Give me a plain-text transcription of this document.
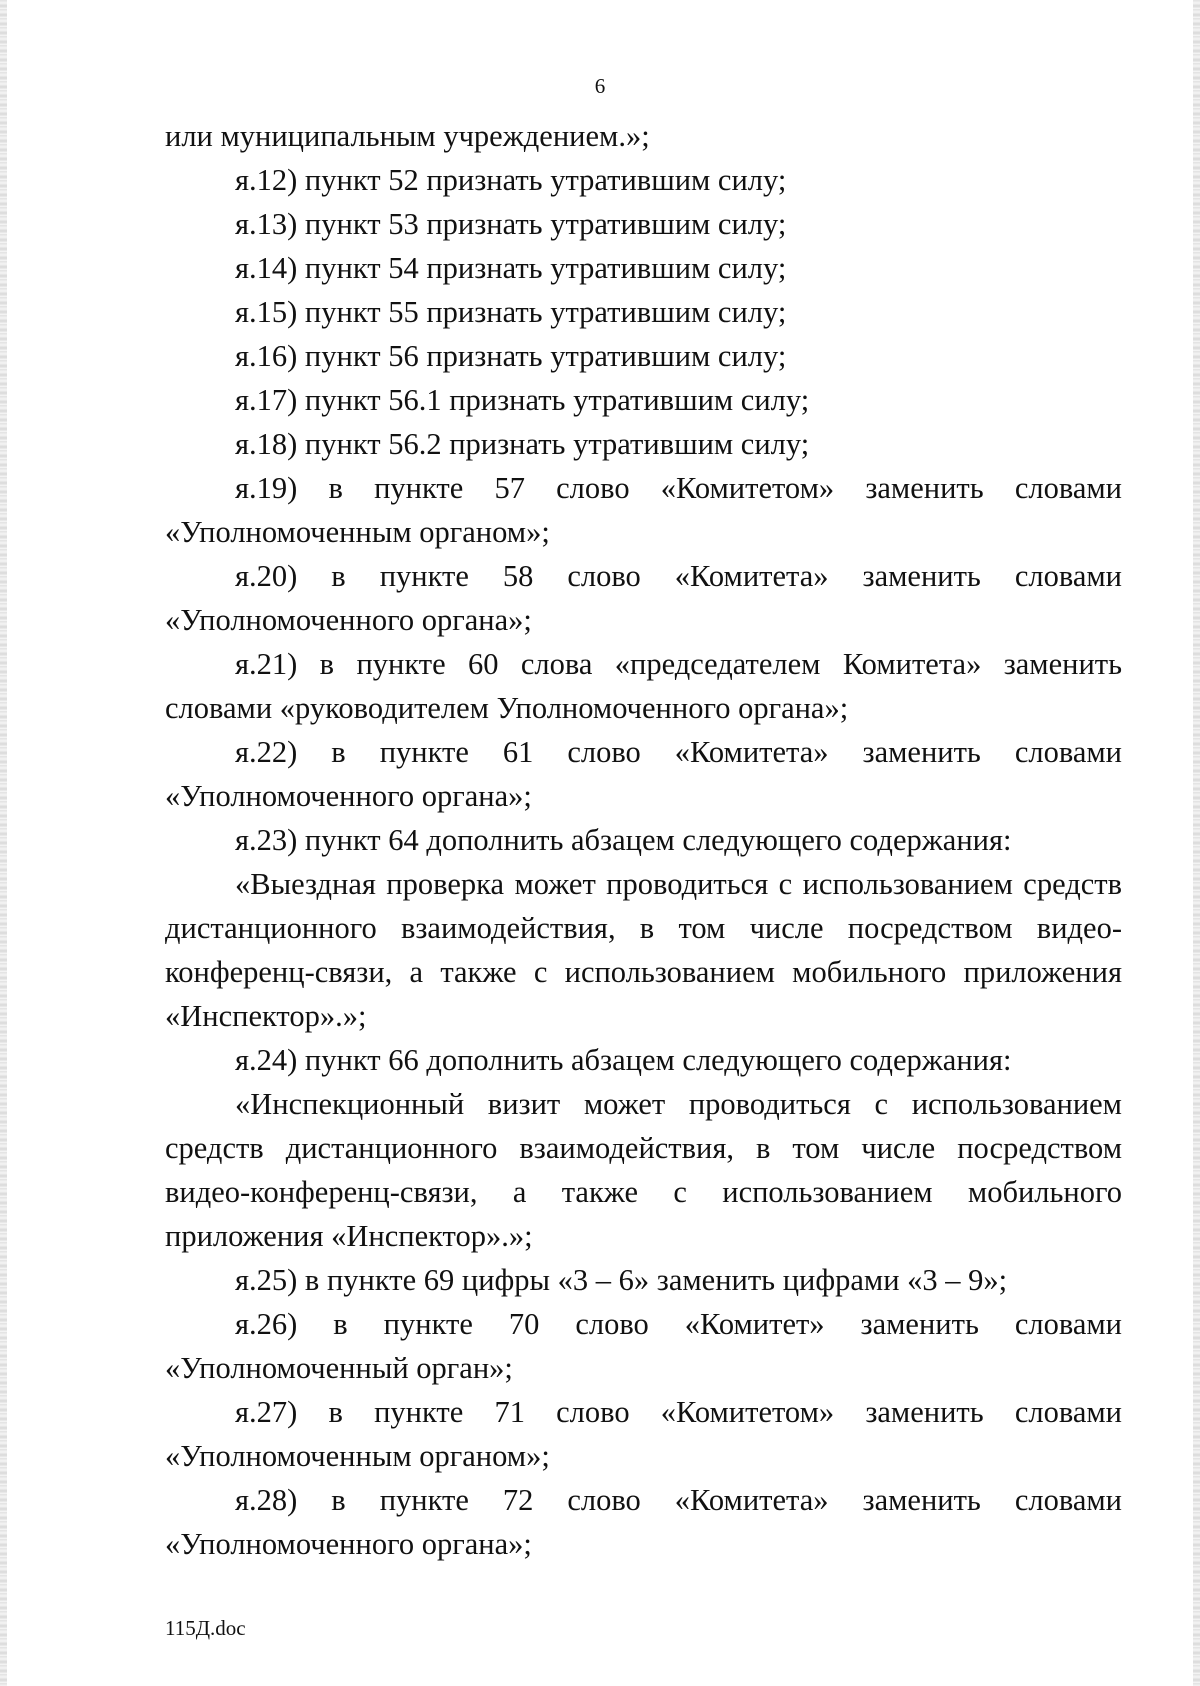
6

или муниципальным учреждением.»;

я.12) пункт 52 признать утратившим силу;

я.13) пункт 53 признать утратившим силу;

я.14) пункт 54 признать утратившим силу;

я.15) пункт 55 признать утратившим силу;

я.16) пункт 56 признать утратившим силу;

я.17) пункт 56.1 признать утратившим силу;

я.18) пункт 56.2 признать утратившим силу;

я.19) в пункте 57 слово «Комитетом» заменить словами «Уполномоченным органом»;

я.20) в пункте 58 слово «Комитета» заменить словами «Уполномоченного органа»;

я.21) в пункте 60 слова «председателем Комитета» заменить словами «руководителем Уполномоченного органа»;

я.22) в пункте 61 слово «Комитета» заменить словами «Уполномоченного органа»;

я.23) пункт 64 дополнить абзацем следующего содержания:

«Выездная проверка может проводиться с использованием средств дистанционного взаимодействия, в том числе посредством видео-конференц-связи, а также с использованием мобильного приложения «Инспектор».»;

я.24) пункт 66 дополнить абзацем следующего содержания:

«Инспекционный визит может проводиться с использованием средств дистанционного взаимодействия, в том числе посредством видео-конференц-связи, а также с использованием мобильного приложения «Инспектор».»;

я.25) в пункте 69 цифры «3 – 6» заменить цифрами «3 – 9»;

я.26) в пункте 70 слово «Комитет» заменить словами «Уполномоченный орган»;

я.27) в пункте 71 слово «Комитетом» заменить словами «Уполномоченным органом»;

я.28) в пункте 72 слово «Комитета» заменить словами «Уполномоченного органа»;

115Д.doc
